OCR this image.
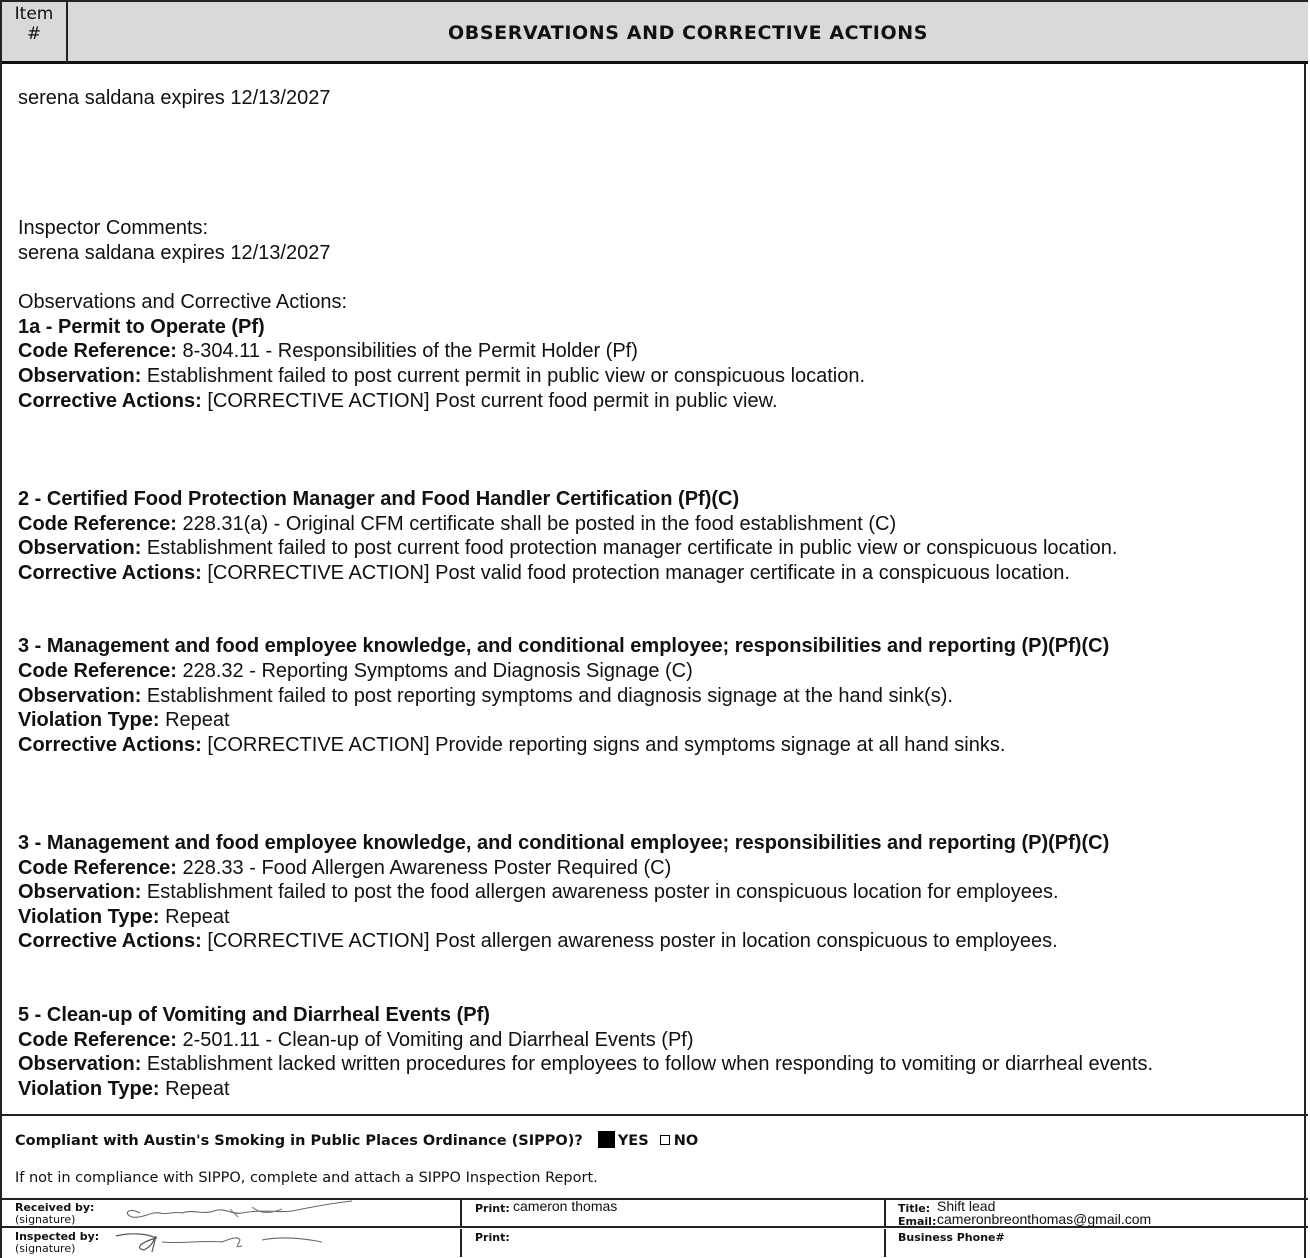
Item
#	OBSERVATIONS AND CORRECTIVE ACTIONS

serena saldana expires 12/13/2027

Inspector Comments:

serena saldana expires 12/13/2027

Observations and Corrective Actions:

1a - Permit to Operate (Pf)

Code Reference: 8-304.11 - Responsibilities of the Permit Holder (Pf)

Observation: Establishment failed to post current permit in public view or conspicuous location.

Corrective Actions: [CORRECTIVE ACTION] Post current food permit in public view.

2 - Certified Food Protection Manager and Food Handler Certification (Pf)(C)

Code Reference: 228.31(a) - Original CFM certificate shall be posted in the food establishment (C)

Observation: Establishment failed to post current food protection manager certificate in public view or conspicuous location.

Corrective Actions: [CORRECTIVE ACTION] Post valid food protection manager certificate in a conspicuous location.

3 - Management and food employee knowledge, and conditional employee; responsibilities and reporting (P)(Pf)(C)

Code Reference: 228.32 - Reporting Symptoms and Diagnosis Signage (C)

Observation: Establishment failed to post reporting symptoms and diagnosis signage at the hand sink(s).

Violation Type: Repeat

Corrective Actions: [CORRECTIVE ACTION] Provide reporting signs and symptoms signage at all hand sinks.

3 - Management and food employee knowledge, and conditional employee; responsibilities and reporting (P)(Pf)(C)

Code Reference: 228.33 - Food Allergen Awareness Poster Required (C)

Observation: Establishment failed to post the food allergen awareness poster in conspicuous location for employees.

Violation Type: Repeat

Corrective Actions: [CORRECTIVE ACTION] Post allergen awareness poster in location conspicuous to employees.

5 - Clean-up of Vomiting and Diarrheal Events (Pf)

Code Reference: 2-501.11 - Clean-up of Vomiting and Diarrheal Events (Pf)

Observation: Establishment lacked written procedures for employees to follow when responding to vomiting or diarrheal events.

Violation Type: Repeat

Compliant with Austin's Smoking in Public Places Ordinance (SIPPO)? YES NO
If not in compliance with SIPPO, complete and attach a SIPPO Inspection Report.
Received by:
(signature)
Print: cameron thomas	Title: Shift lead
Email: cameronbreonthomas@gmail.com
Inspected by:
(signature)
Print:	Business Phone#
